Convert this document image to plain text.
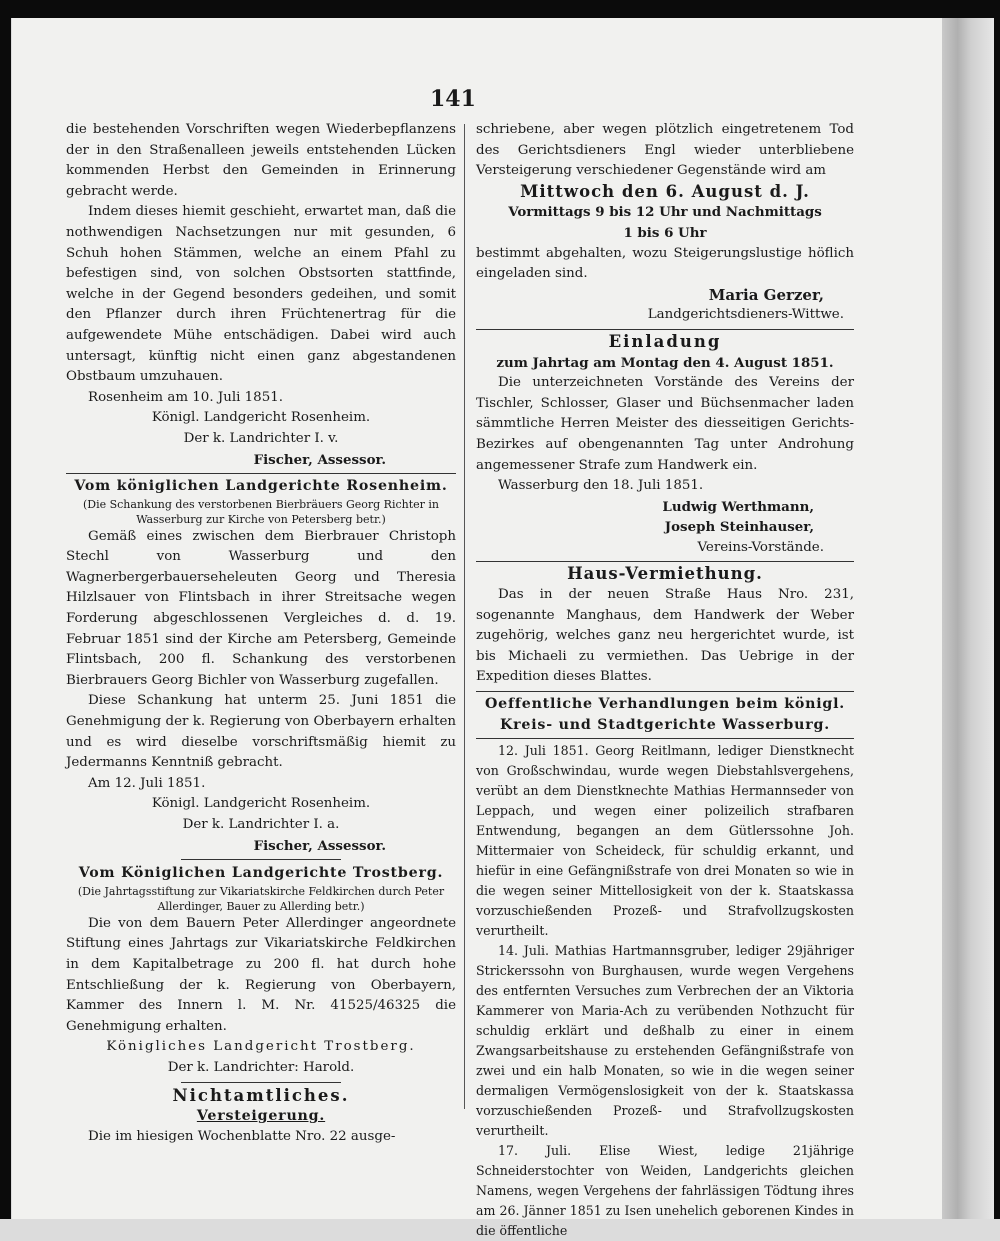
141

die bestehenden Vorschriften wegen Wiederbepflanzens der in den Straßenalleen jeweils entstehenden Lücken kommenden Herbst den Gemeinden in Erinnerung gebracht werde.

Indem dieses hiemit geschieht, erwartet man, daß die nothwendigen Nachsetzungen nur mit gesunden, 6 Schuh hohen Stämmen, welche an einem Pfahl zu befestigen sind, von solchen Obstsorten stattfinde, welche in der Gegend besonders gedeihen, und somit den Pflanzer durch ihren Früchtenertrag für die aufgewendete Mühe entschädigen. Dabei wird auch untersagt, künftig nicht einen ganz abgestandenen Obstbaum umzuhauen.

Rosenheim am 10. Juli 1851.

Königl. Landgericht Rosenheim.

Der k. Landrichter I. v.

Fischer, Assessor.

Vom königlichen Landgerichte Rosenheim.

(Die Schankung des verstorbenen Bierbräuers Georg Richter in Wasserburg zur Kirche von Petersberg betr.)

Gemäß eines zwischen dem Bierbrauer Christoph Stechl von Wasserburg und den Wagnerbergerbauerseheleuten Georg und Theresia Hilzlsauer von Flintsbach in ihrer Streitsache wegen Forderung abgeschlossenen Vergleiches d. d. 19. Februar 1851 sind der Kirche am Petersberg, Gemeinde Flintsbach, 200 fl. Schankung des verstorbenen Bierbrauers Georg Bichler von Wasserburg zugefallen.

Diese Schankung hat unterm 25. Juni 1851 die Genehmigung der k. Regierung von Oberbayern erhalten und es wird dieselbe vorschriftsmäßig hiemit zu Jedermanns Kenntniß gebracht.

Am 12. Juli 1851.

Königl. Landgericht Rosenheim.

Der k. Landrichter I. a.

Fischer, Assessor.

Vom Königlichen Landgerichte Trostberg.

(Die Jahrtagsstiftung zur Vikariatskirche Feldkirchen durch Peter Allerdinger, Bauer zu Allerding betr.)

Die von dem Bauern Peter Allerdinger angeordnete Stiftung eines Jahrtags zur Vikariatskirche Feldkirchen in dem Kapitalbetrage zu 200 fl. hat durch hohe Entschließung der k. Regierung von Oberbayern, Kammer des Innern l. M. Nr. 41525/46325 die Genehmigung erhalten.

Königliches Landgericht Trostberg.

Der k. Landrichter: Harold.

Nichtamtliches.

Versteigerung.

Die im hiesigen Wochenblatte Nro. 22 ausge-

schriebene, aber wegen plötzlich eingetretenem Tod des Gerichtsdieners Engl wieder unterbliebene Versteigerung verschiedener Gegenstände wird am

Mittwoch den 6. August d. J.

Vormittags 9 bis 12 Uhr und Nachmittags

1 bis 6 Uhr

bestimmt abgehalten, wozu Steigerungslustige höflich eingeladen sind.

Maria Gerzer,

Landgerichtsdieners-Wittwe.

Einladung

zum Jahrtag am Montag den 4. August 1851.

Die unterzeichneten Vorstände des Vereins der Tischler, Schlosser, Glaser und Büchsenmacher laden sämmtliche Herren Meister des diesseitigen Gerichts-Bezirkes auf obengenannten Tag unter Androhung angemessener Strafe zum Handwerk ein.

Wasserburg den 18. Juli 1851.

Ludwig Werthmann,

Joseph Steinhauser,

Vereins-Vorstände.

Haus-Vermiethung.

Das in der neuen Straße Haus Nro. 231, sogenannte Manghaus, dem Handwerk der Weber zugehörig, welches ganz neu hergerichtet wurde, ist bis Michaeli zu vermiethen. Das Uebrige in der Expedition dieses Blattes.

Oeffentliche Verhandlungen beim königl. Kreis- und Stadtgerichte Wasserburg.

12. Juli 1851. Georg Reitlmann, lediger Dienstknecht von Großschwindau, wurde wegen Diebstahlsvergehens, verübt an dem Dienstknechte Mathias Hermannseder von Leppach, und wegen einer polizeilich strafbaren Entwendung, begangen an dem Gütlerssohne Joh. Mittermaier von Scheideck, für schuldig erkannt, und hiefür in eine Gefängnißstrafe von drei Monaten so wie in die wegen seiner Mittellosigkeit von der k. Staatskassa vorzuschießenden Prozeß- und Strafvollzugskosten verurtheilt.

14. Juli. Mathias Hartmannsgruber, lediger 29jähriger Strickerssohn von Burghausen, wurde wegen Vergehens des entfernten Versuches zum Verbrechen der an Viktoria Kammerer von Maria-Ach zu verübenden Nothzucht für schuldig erklärt und deßhalb zu einer in einem Zwangsarbeitshause zu erstehenden Gefängnißstrafe von zwei und ein halb Monaten, so wie in die wegen seiner dermaligen Vermögenslosigkeit von der k. Staatskassa vorzuschießenden Prozeß- und Strafvollzugskosten verurtheilt.

17. Juli. Elise Wiest, ledige 21jährige Schneiderstochter von Weiden, Landgerichts gleichen Namens, wegen Vergehens der fahrlässigen Tödtung ihres am 26. Jänner 1851 zu Isen unehelich geborenen Kindes in die öffentliche
